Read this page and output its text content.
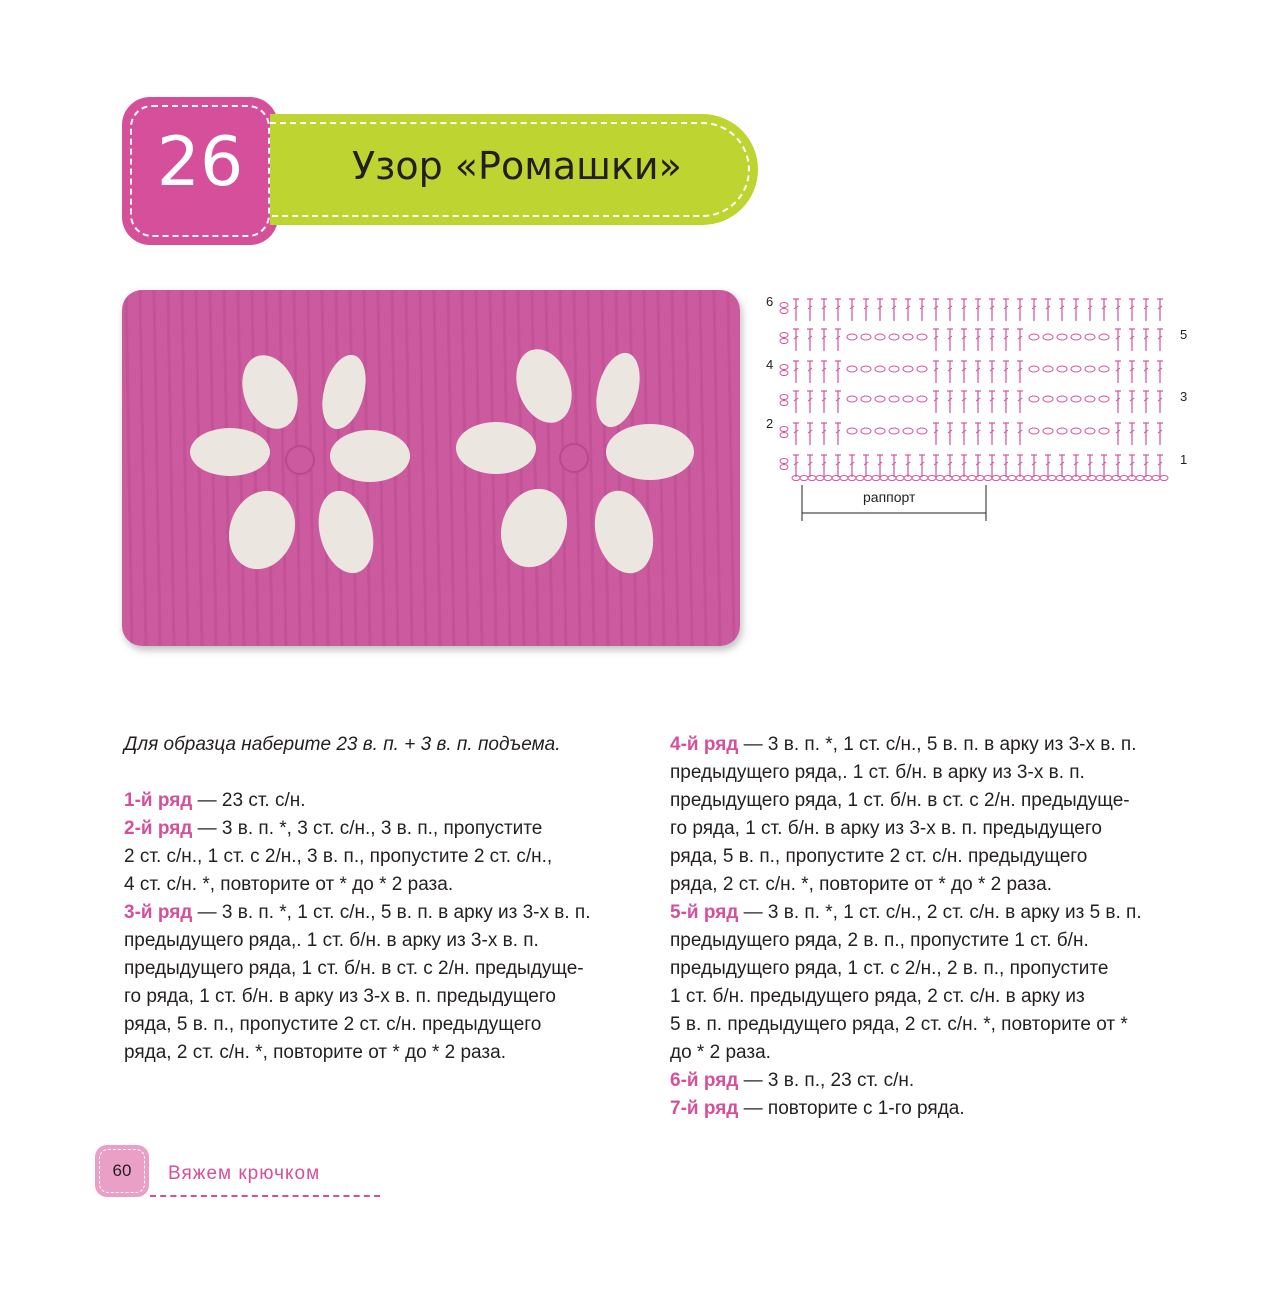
26	Узор «Ромашки»
6
4
2
5
3
1
раппорт
Для образца наберите 23 в. п. + 3 в. п. подъема.
1-й ряд — 23 ст. с/н.
2-й ряд — 3 в. п. *, 3 ст. с/н., 3 в. п., пропустите
2 ст. с/н., 1 ст. с 2/н., 3 в. п., пропустите 2 ст. с/н.,
4 ст. с/н. *, повторите от * до * 2 раза.
3-й ряд — 3 в. п. *, 1 ст. с/н., 5 в. п. в арку из 3-х в. п.
предыдущего ряда,. 1 ст. б/н. в арку из 3-х в. п.
предыдущего ряда, 1 ст. б/н. в ст. с 2/н. предыдуще-
го ряда, 1 ст. б/н. в арку из 3-х в. п. предыдущего
ряда, 5 в. п., пропустите 2 ст. с/н. предыдущего
ряда, 2 ст. с/н. *, повторите от * до * 2 раза.
4-й ряд — 3 в. п. *, 1 ст. с/н., 5 в. п. в арку из 3-х в. п.
предыдущего ряда,. 1 ст. б/н. в арку из 3-х в. п.
предыдущего ряда, 1 ст. б/н. в ст. с 2/н. предыдуще-
го ряда, 1 ст. б/н. в арку из 3-х в. п. предыдущего
ряда, 5 в. п., пропустите 2 ст. с/н. предыдущего
ряда, 2 ст. с/н. *, повторите от * до * 2 раза.
5-й ряд — 3 в. п. *, 1 ст. с/н., 2 ст. с/н. в арку из 5 в. п.
предыдущего ряда, 2 в. п., пропустите 1 ст. б/н.
предыдущего ряда, 1 ст. с 2/н., 2 в. п., пропустите
1 ст. б/н. предыдущего ряда, 2 ст. с/н. в арку из
5 в. п. предыдущего ряда, 2 ст. с/н. *, повторите от *
до * 2 раза.
6-й ряд — 3 в. п., 23 ст. с/н.
7-й ряд — повторите с 1-го ряда.
60	Вяжем крючком
